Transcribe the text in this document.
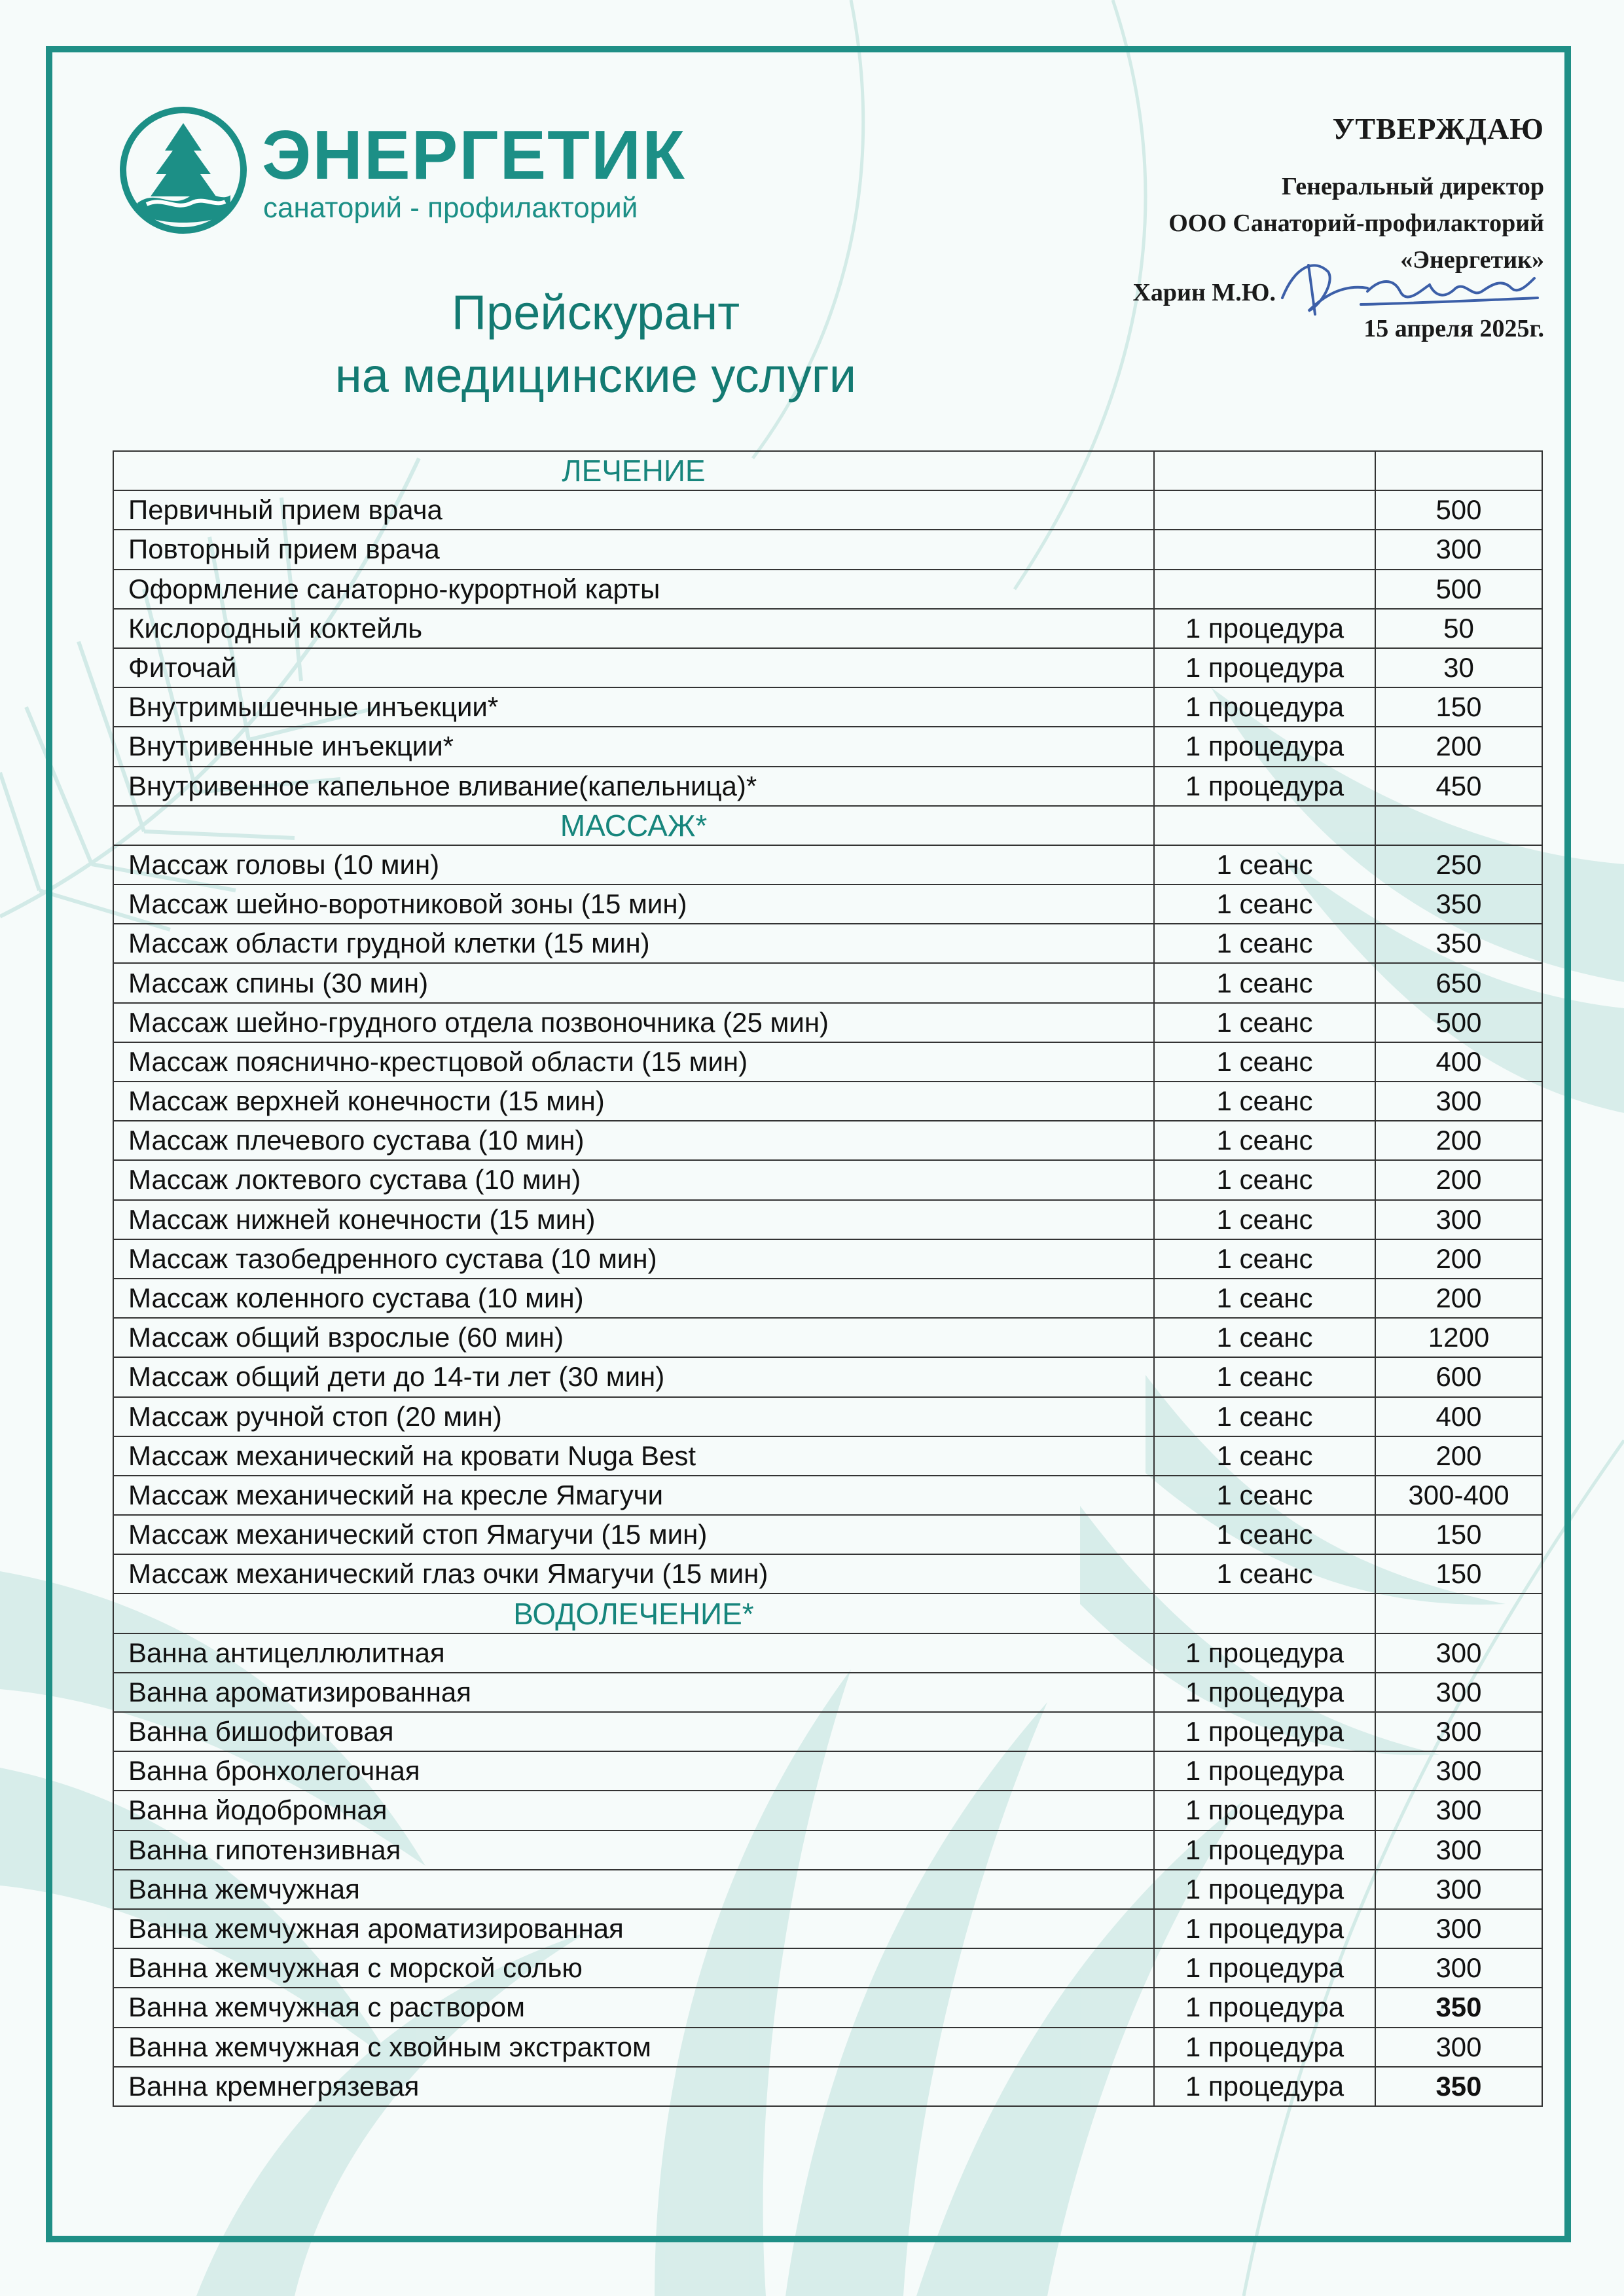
ЭНЕРГЕТИК
санаторий - профилакторий
Прейскурант
на медицинские услуги
УТВЕРЖДАЮ
Генеральный директор
ООО Санаторий-профилакторий
«Энергетик»
Харин М.Ю.
15 апреля 2025г.
ЛЕЧЕНИЕ		
Первичный прием врача		500
Повторный прием врача		300
Оформление санаторно-курортной карты		500
Кислородный коктейль	1 процедура	50
Фиточай	1 процедура	30
Внутримышечные инъекции*	1 процедура	150
Внутривенные инъекции*	1 процедура	200
Внутривенное капельное вливание(капельница)*	1 процедура	450
МАССАЖ*		
Массаж головы (10 мин)	1 сеанс	250
Массаж шейно-воротниковой зоны (15 мин)	1 сеанс	350
Массаж области грудной клетки (15 мин)	1 сеанс	350
Массаж спины (30 мин)	1 сеанс	650
Массаж шейно-грудного отдела позвоночника (25 мин)	1 сеанс	500
Массаж пояснично-крестцовой области (15 мин)	1 сеанс	400
Массаж верхней конечности (15 мин)	1 сеанс	300
Массаж плечевого сустава (10 мин)	1 сеанс	200
Массаж локтевого сустава (10 мин)	1 сеанс	200
Массаж нижней конечности (15 мин)	1 сеанс	300
Массаж тазобедренного сустава (10 мин)	1 сеанс	200
Массаж коленного сустава (10 мин)	1 сеанс	200
Массаж общий взрослые (60 мин)	1 сеанс	1200
Массаж общий дети до 14-ти лет (30 мин)	1 сеанс	600
Массаж ручной стоп (20 мин)	1 сеанс	400
Массаж механический на кровати Nuga Best	1 сеанс	200
Массаж механический на кресле Ямагучи	1 сеанс	300-400
Массаж механический стоп Ямагучи (15 мин)	1 сеанс	150
Массаж механический глаз очки Ямагучи (15 мин)	1 сеанс	150
ВОДОЛЕЧЕНИЕ*		
Ванна антицеллюлитная	1 процедура	300
Ванна ароматизированная	1 процедура	300
Ванна бишофитовая	1 процедура	300
Ванна бронхолегочная	1 процедура	300
Ванна йодобромная	1 процедура	300
Ванна гипотензивная	1 процедура	300
Ванна жемчужная	1 процедура	300
Ванна жемчужная ароматизированная	1 процедура	300
Ванна жемчужная с морской солью	1 процедура	300
Ванна жемчужная с раствором	1 процедура	350
Ванна жемчужная с хвойным экстрактом	1 процедура	300
Ванна кремнегрязевая	1 процедура	350
